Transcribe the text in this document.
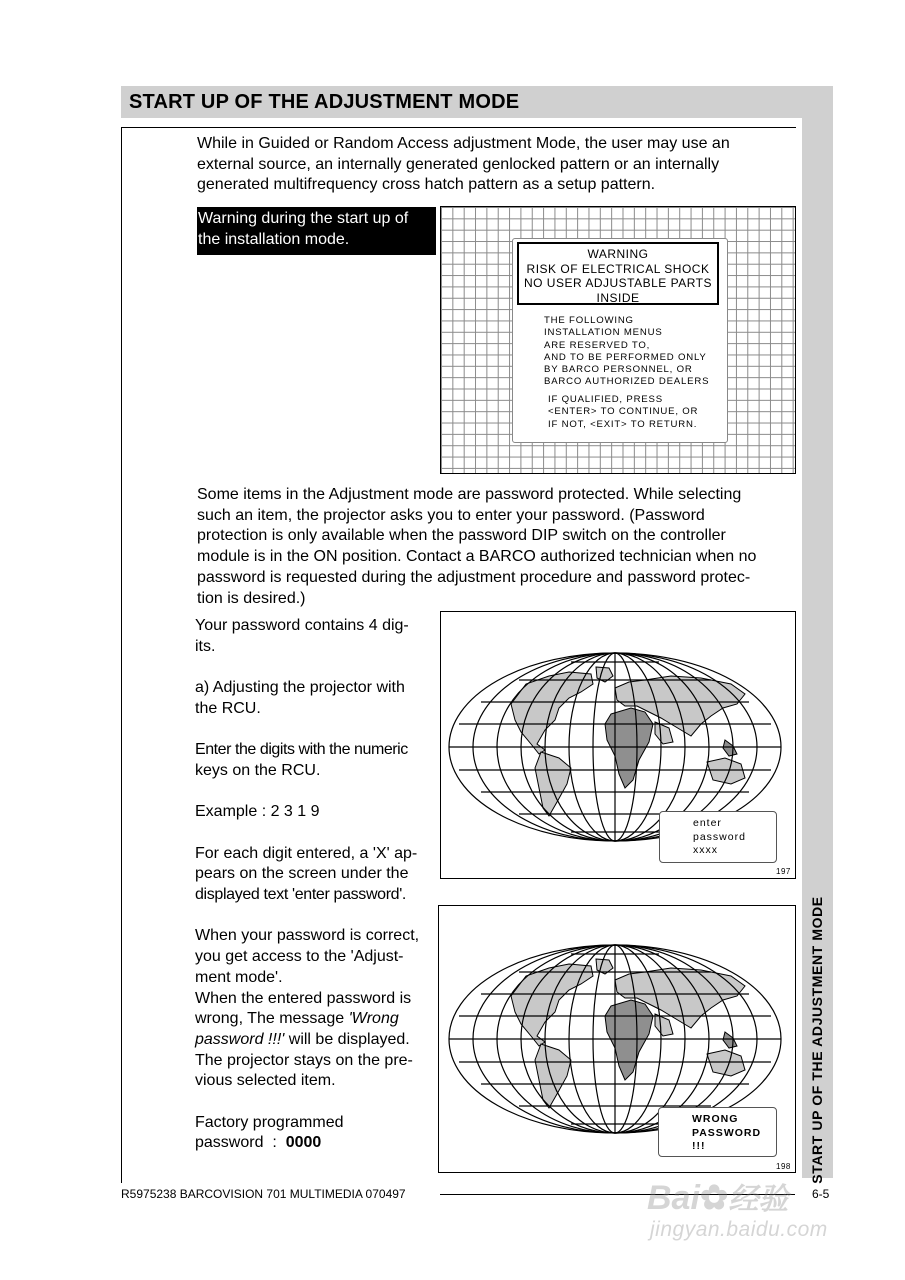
START UP OF THE ADJUSTMENT MODE
START UP OF THE ADJUSTMENT MODE
While in Guided or Random Access adjustment Mode, the user may use an
external source, an internally generated genlocked pattern or an internally
generated multifrequency cross hatch pattern as a setup pattern.
Warning during the start up of
the installation mode.
WARNING
RISK OF ELECTRICAL SHOCK
NO USER ADJUSTABLE PARTS
INSIDE
THE FOLLOWING
INSTALLATION MENUS
ARE RESERVED TO,
AND TO BE PERFORMED ONLY
BY BARCO PERSONNEL, OR
BARCO AUTHORIZED DEALERS
IF QUALIFIED, PRESS
<ENTER> TO CONTINUE, OR
IF NOT, <EXIT> TO RETURN.
Some items in the Adjustment mode are password protected. While selecting
such an item, the projector asks you to enter your password. (Password
protection is only available when the password DIP switch on the controller
module is in the ON position. Contact a BARCO authorized technician when no
password is requested during the adjustment procedure and password protec-
tion is desired.)
Your password contains 4 dig-
its.
a) Adjusting the projector with
the RCU.
Enter the digits with the numeric
keys on the RCU.
Example : 2 3 1 9
For each digit entered, a 'X' ap-
pears on the screen under the
displayed text 'enter password'.
When your password is correct,
you get access to the 'Adjust-
ment mode'.
When the entered password is
wrong, The message 'Wrong
password !!!' will be displayed.
The projector stays on the pre-
vious selected item.
Factory programmed
password  :  0000
enter
password
xxxx
197
WRONG
PASSWORD
!!!
198
R5975238 BARCOVISION 701 MULTIMEDIA 070497	6-5
Bai✿经验
jingyan.baidu.com
